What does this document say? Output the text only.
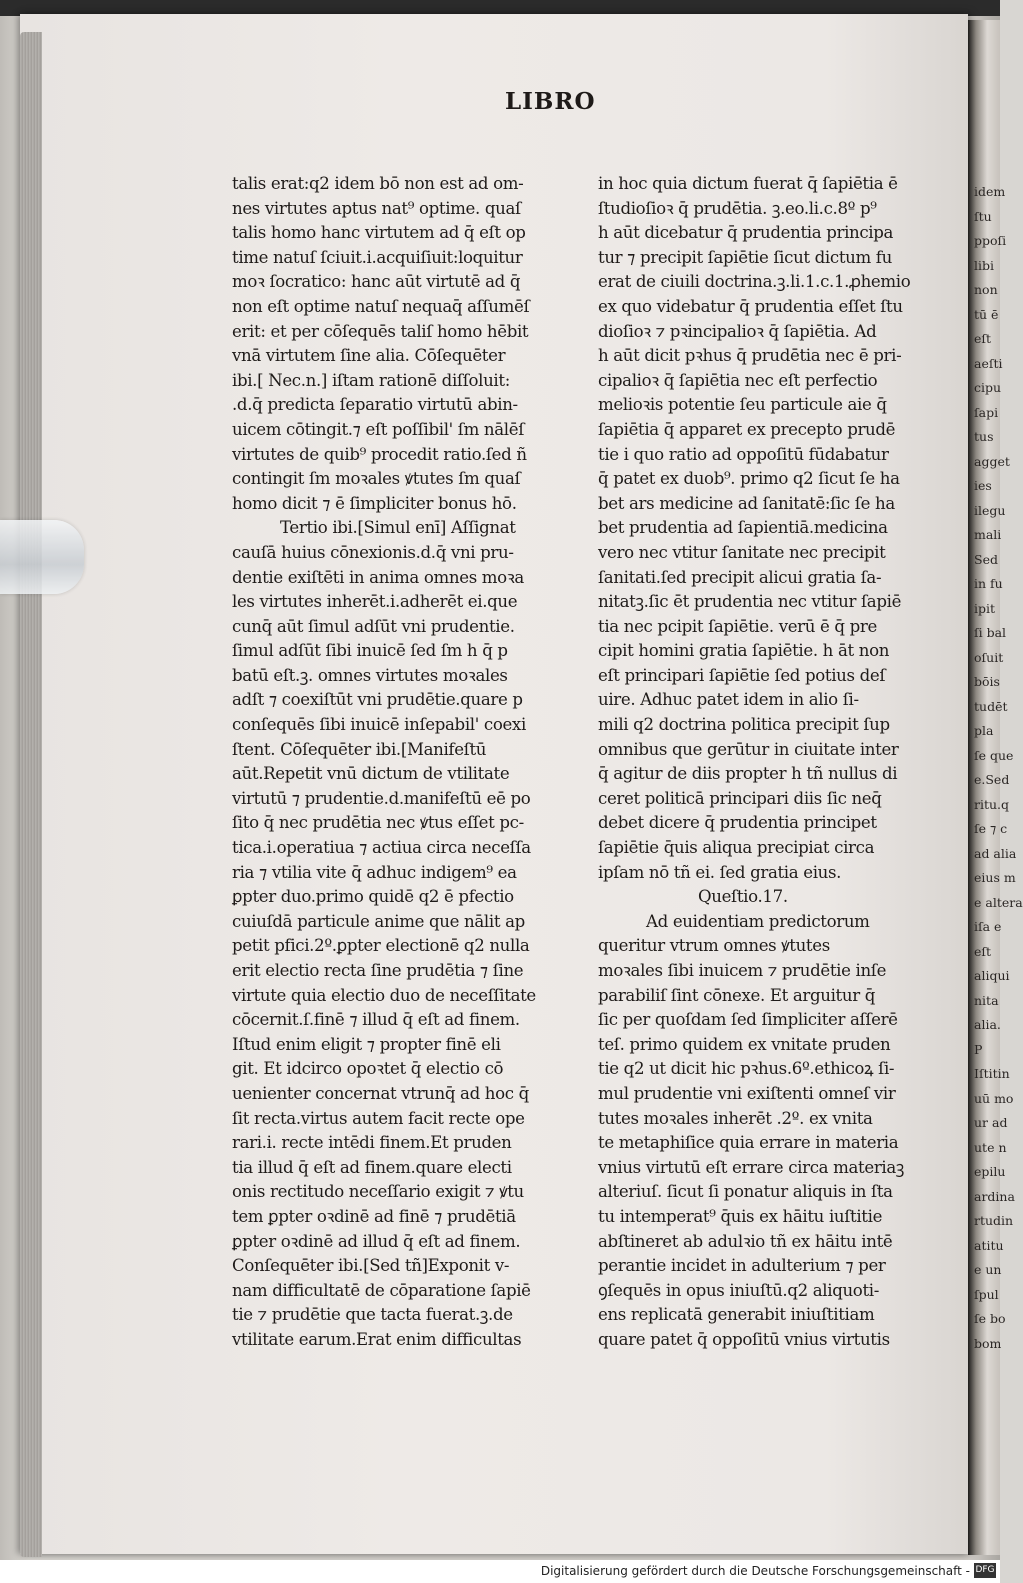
idem
ſtu
ppoſi
libi
non
tū ē
eſt
aeſti
cipu
ſapi
tus
agget
ies
ilegu
mali
Sed
in fu
ipit
ſi bal
oſuit
bōis
tudēt
pla
ſe que
e.Sed
ritu.q
ſe ⁊ c
ad alia
eius m
e altera
iſa e
eſt
aliqui
nita
alia.
P
Iſtitin
uū mo
ur ad
ute n
epilu
ardina
rtudin
atitu
e un
ſpul
ſe bo
bom
LIBRO
talis erat:q2 idem bō non est ad om-
nes virtutes aptus nat⁹ optime. quaſ
talis homo hanc virtutem ad q̄ eſt op
time natuſ ſciuit.i.acquiſiuit:loquitur
moꝛ ſocratico: hanc aūt virtutē ad q̄
non eſt optime natuſ nequaq̄ aſſumēſ
erit: et per cōſequēs taliſ homo hēbit
vnā virtutem ſine alia. Cōſequēter
ibi.[ Nec.n.] iſtam rationē diſſoluit:
.d.q̄ predicta ſeparatio virtutū abin-
uicem cōtingit.⁊ eſt poſſibil' ſm nālēſ
virtutes de quib⁹ procedit ratio.ſed ñ
contingit ſm moꝛales ꝟtutes ſm quaſ
homo dicit ⁊ ē ſimpliciter bonus hō.
Tertio ibi.[Simul enī] Aſſignat
cauſā huius cōnexionis.d.q̄ vni pru-
dentie exiſtēti in anima omnes moꝛa
les virtutes inherēt.i.adherēt ei.que
cunq̄ aūt ſimul adſūt vni prudentie.
ſimul adſūt ſibi inuicē ſed ſm h q̄ p
batū eſt.ꝫ. omnes virtutes moꝛales
adſt ⁊ coexiſtūt vni prudētie.quare p
conſequēs ſibi inuicē inſepabil' coexi
ſtent. Cōſequēter ibi.[Manifeſtū
aūt.Repetit vnū dictum de vtilitate
virtutū ⁊ prudentie.d.manifeſtū eē po
ſito q̄ nec prudētia nec ꝟtus eſſet pc-
tica.i.operatiua ⁊ actiua circa neceſſa
ria ⁊ vtilia vite q̄ adhuc indigem⁹ ea
ꝑpter duo.primo quidē q2 ē pfectio
cuiuſdā particule anime que nālit ap
petit pfici.2º.ꝑpter electionē q2 nulla
erit electio recta ſine prudētia ⁊ ſine
virtute quia electio duo de neceſſitate
cōcernit.ſ.finē ⁊ illud q̄ eſt ad finem.
Iſtud enim eligit ⁊ propter finē eli
git. Et idcirco opoꝛtet q̄ electio cō
uenienter concernat vtrunq̄ ad hoc q̄
ſit recta.virtus autem facit recte ope
rari.i. recte intēdi finem.Et pruden
tia illud q̄ eſt ad finem.quare electi
onis rectitudo neceſſario exigit ⁊ ꝟtu
tem ꝑpter oꝛdinē ad finē ⁊ prudētiā
ꝑpter oꝛdinē ad illud q̄ eſt ad finem.
Conſequēter ibi.[Sed tñ]Exponit v-
nam difficultatē de cōparatione ſapiē
tie ⁊ prudētie que tacta fuerat.ꝫ.de
vtilitate earum.Erat enim difficultas
in hoc quia dictum fuerat q̄ ſapiētia ē
ſtudioſioꝛ q̄ prudētia. ꝫ.eo.li.c.8º p⁹
h aūt dicebatur q̄ prudentia principa
tur ⁊ precipit ſapiētie ſicut dictum fu
erat de ciuili doctrina.ꝫ.li.1.c.1.ꝓhemio
ex quo videbatur q̄ prudentia eſſet ſtu
dioſioꝛ ⁊ pꝛincipalioꝛ q̄ ſapiētia. Ad
h aūt dicit pꝛhus q̄ prudētia nec ē pri-
cipalioꝛ q̄ ſapiētia nec eſt perfectio
melioꝛis potentie ſeu particule aie q̄
ſapiētia q̄ apparet ex precepto prudē
tie i quo ratio ad oppoſitū fūdabatur
q̄ patet ex duob⁹. primo q2 ſicut ſe ha
bet ars medicine ad ſanitatē:ſic ſe ha
bet prudentia ad ſapientiā.medicina
vero nec vtitur ſanitate nec precipit
ſanitati.ſed precipit alicui gratia ſa-
nitatꝫ.ſic ēt prudentia nec vtitur ſapiē
tia nec pcipit ſapiētie. verū ē q̄ pre
cipit homini gratia ſapiētie. h āt non
eſt principari ſapiētie ſed potius deſ
uire. Adhuc patet idem in alio ſi-
mili q2 doctrina politica precipit ſup
omnibus que gerūtur in ciuitate inter
q̄ agitur de diis propter h tñ nullus di
ceret politicā principari diis ſic neq̄
debet dicere q̄ prudentia principet
ſapiētie q̄uis aliqua precipiat circa
ipſam nō tñ ei. ſed gratia eius.
Queſtio.17.
Ad euidentiam predictorum
queritur vtrum omnes ꝟtutes
moꝛales ſibi inuicem ⁊ prudētie inſe
parabiliſ ſint cōnexe. Et arguitur q̄
ſic per quoſdam ſed ſimpliciter aſſerē
teſ. primo quidem ex vnitate pruden
tie q2 ut dicit hic pꝛhus.6º.ethicoꝝ ſi-
mul prudentie vni exiſtenti omneſ vir
tutes moꝛales inherēt .2º. ex vnita
te metaphiſice quia errare in materia
vnius virtutū eſt errare circa materiaꝫ
alteriuſ. ſicut ſi ponatur aliquis in ſta
tu intemperat⁹ q̄uis ex hāitu iuſtitie
abſtineret ab adulꝛio tñ ex hāitu intē
perantie incidet in adulterium ⁊ per
ꝯſequēs in opus iniuſtū.q2 aliquoti-
ens replicatā generabit iniuſtitiam
quare patet q̄ oppoſitū vnius virtutis
Digitalisierung gefördert durch die Deutsche Forschungsgemeinschaft - DFG
